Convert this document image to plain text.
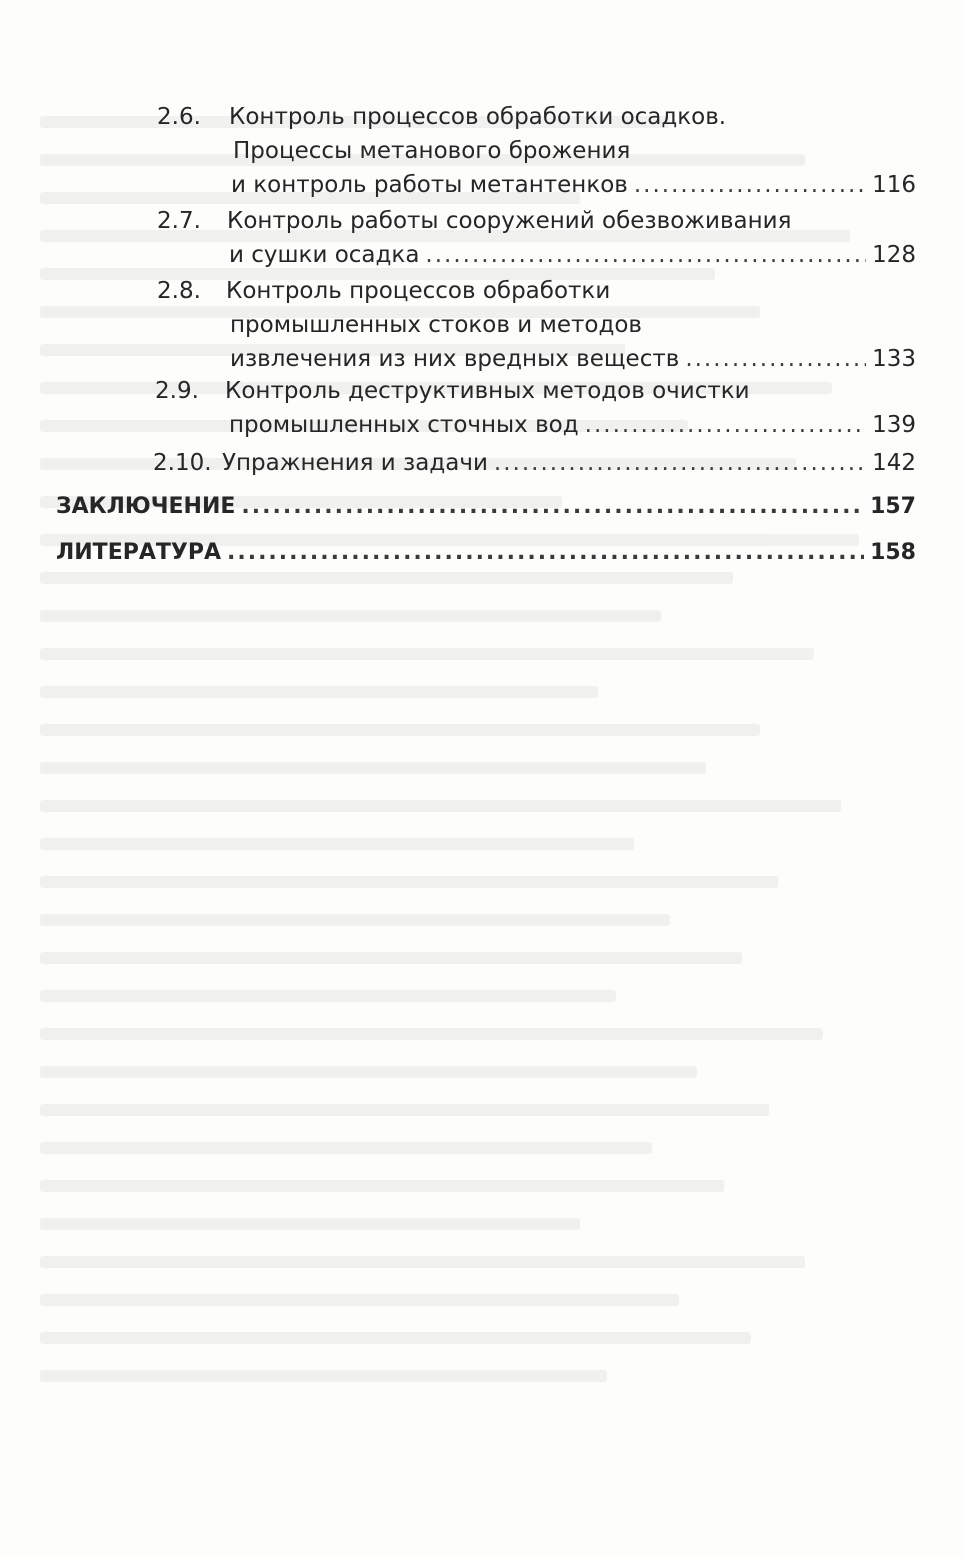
2.6. Контроль процессов обработки осадков.
Процессы метанового брожения
и контроль работы метантенков .....	116
2.7. Контроль работы сооружений обезвоживания
и сушки осадка .....	128
2.8. Контроль процессов обработки
промышленных стоков и методов
извлечения из них вредных веществ .....	133
2.9. Контроль деструктивных методов очистки
промышленных сточных вод .....	139
2.10. Упражнения и задачи .....	142
ЗАКЛЮЧЕНИЕ .....	157
ЛИТЕРАТУРА .....	158
